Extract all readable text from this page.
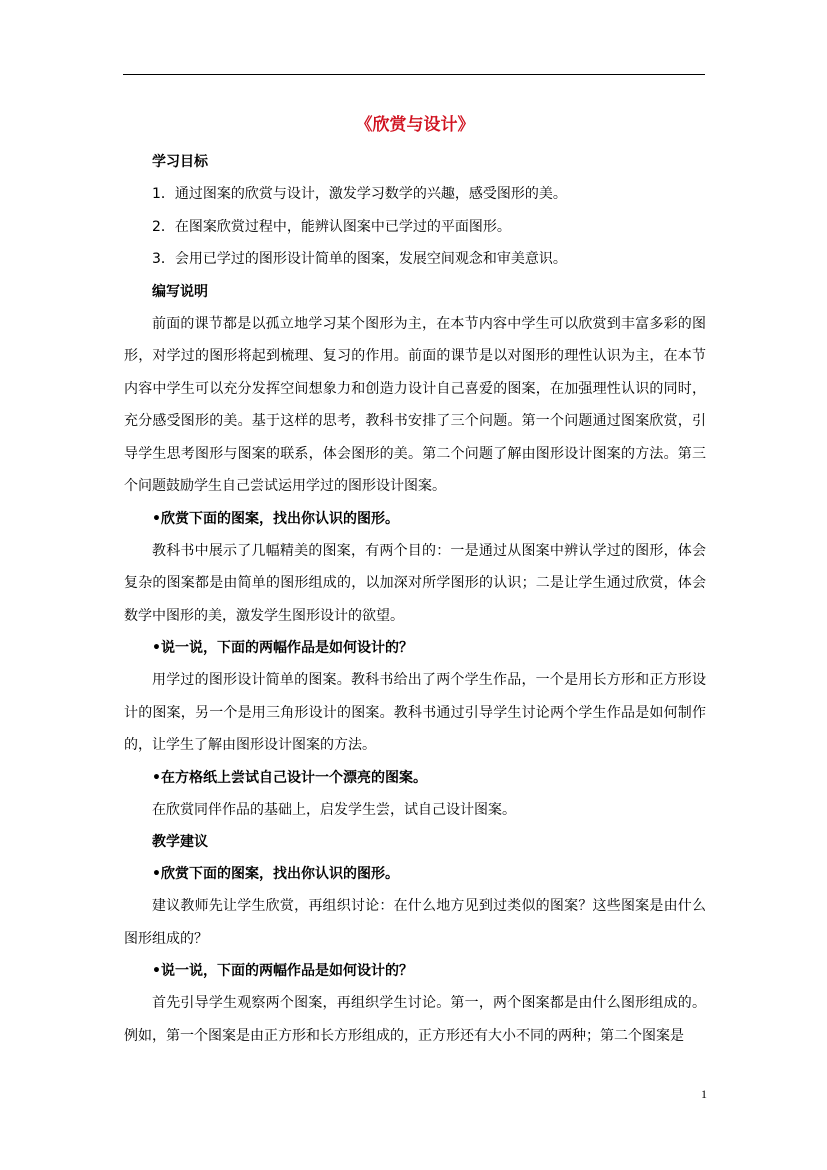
《欣赏与设计》

学习目标

1．通过图案的欣赏与设计，激发学习数学的兴趣，感受图形的美。

2．在图案欣赏过程中，能辨认图案中已学过的平面图形。

3．会用已学过的图形设计简单的图案，发展空间观念和审美意识。

编写说明

前面的课节都是以孤立地学习某个图形为主，在本节内容中学生可以欣赏到丰富多彩的图形，对学过的图形将起到梳理、复习的作用。前面的课节是以对图形的理性认识为主，在本节内容中学生可以充分发挥空间想象力和创造力设计自己喜爱的图案，在加强理性认识的同时，充分感受图形的美。基于这样的思考，教科书安排了三个问题。第一个问题通过图案欣赏，引导学生思考图形与图案的联系，体会图形的美。第二个问题了解由图形设计图案的方法。第三个问题鼓励学生自己尝试运用学过的图形设计图案。

•欣赏下面的图案，找出你认识的图形。

教科书中展示了几幅精美的图案，有两个目的：一是通过从图案中辨认学过的图形，体会复杂的图案都是由简单的图形组成的，以加深对所学图形的认识；二是让学生通过欣赏，体会数学中图形的美，激发学生图形设计的欲望。

•说一说，下面的两幅作品是如何设计的？

用学过的图形设计简单的图案。教科书给出了两个学生作品，一个是用长方形和正方形设计的图案，另一个是用三角形设计的图案。教科书通过引导学生讨论两个学生作品是如何制作的，让学生了解由图形设计图案的方法。

•在方格纸上尝试自己设计一个漂亮的图案。

在欣赏同伴作品的基础上，启发学生尝，试自己设计图案。

教学建议

•欣赏下面的图案，找出你认识的图形。

建议教师先让学生欣赏，再组织讨论：在什么地方见到过类似的图案？这些图案是由什么图形组成的？

•说一说，下面的两幅作品是如何设计的？

首先引导学生观察两个图案，再组织学生讨论。第一，两个图案都是由什么图形组成的。例如，第一个图案是由正方形和长方形组成的，正方形还有大小不同的两种；第二个图案是

1
